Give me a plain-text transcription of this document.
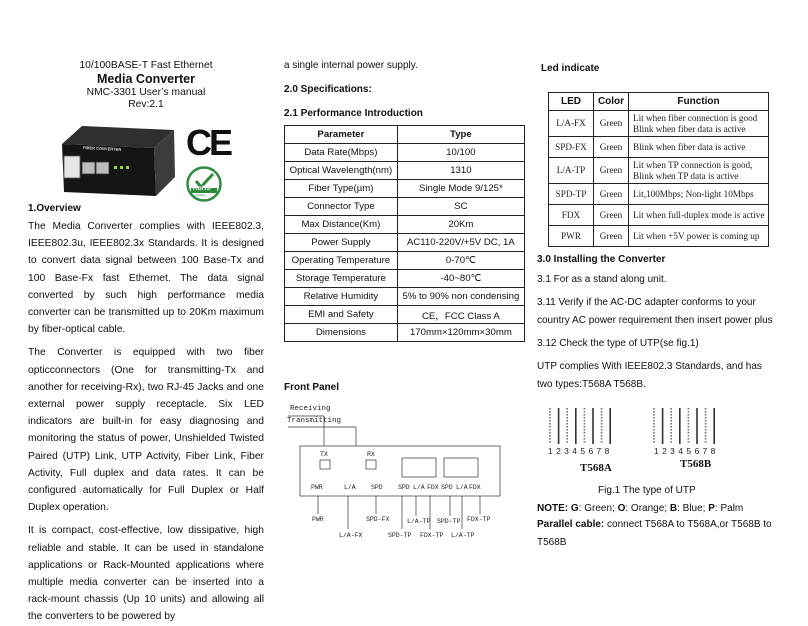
10/100BASE-T Fast Ethernet
Media Converter
NMC-3301 User’s manual
Rev:2.1
FIBER CONVERTER CE
RoHS
Compliant
1.Overview

The Media Converter complies with IEEE802.3, IEEE802.3u, IEEE802.3x Standards. It is designed to convert data signal between 100 Base-Tx and 100 Base-Fx fast Ethernet. The data signal converted by such high performance media converter can be transmitted up to 20Km maximum by fiber-optical cable.

The Converter is equipped with two fiber opticconnectors (One for transmitting-Tx and another for receiving-Rx), two RJ-45 Jacks and one external power supply receptacle. Six LED indicators are built-in for easy diagnosing and monitoring the status of power, Unshielded Twisted Paired (UTP) Link, UTP Activity, Fiber Link, Fiber Activity, Full duplex and data rates. It can be configured automatically for Full Duplex or Half Duplex operation.

It is compact, cost-effective, low dissipative, high reliable and stable. It can be used in standalone applications or Rack-Mounted applications where multiple media converter can be inserted into a rack-mount chassis (Up 10 units) and allowing all the converters to be powered by

a single internal power supply.
2.0 Specifications:
2.1 Performance Introduction
Parameter	Type
Data Rate(Mbps)	10/100
Optical Wavelength(nm)	1310
Fiber Type(µm)	Single Mode 9/125*
Connector Type	SC
Max Distance(Km)	20Km
Power Supply	AC110-220V/+5V DC, 1A
Operating Temperature	0-70℃
Storage Temperature	-40~80℃
Relative Humidity	5% to 90% non condensing
EMI and Safety	CE，FCC Class A
Dimensions	170mm×120mm×30mm
Front Panel
Receiving
Transmitting
TX	RX
PWR	L/A SPD SPD L/A FDX SPD L/A FDX
PWR
L/A-FX
SPD-FX	L/A-TP
SPD-TP
SPD-TP
FDX-TP L/A-TP
FDX-TP
Led indicate
LED	Color	Function
L/A-FX	Green	Lit when fiber connection is good Blink when fiber data is active
SPD-FX	Green	Blink when fiber data is active
L/A-TP	Green	Lit when TP connection is good, Blink when TP data is active
SPD-TP	Green	Lit,100Mbps; Non-light 10Mbps
FDX	Green	Lit when full-duplex mode is active
PWR	Green	Lit when +5V power is coming up
3.0 Installing the Converter

3.1 For as a stand along unit.

3.11 Verify if the AC-DC adapter conforms to your country AC power requirement then insert power plus

3.12 Check the type of UTP(se fig.1)

UTP complies With IEEE802.3 Standards, and has two types:T568A T568B.

1 2 3 4 5 6 7 8	1 2 3 4 5 6 7 8
T568A	T568B
Fig.1 The type of UTP
NOTE: G: Green; O: Orange; B: Blue; P: Palm
Parallel cable: connect T568A to T568A,or T568B to T568B
